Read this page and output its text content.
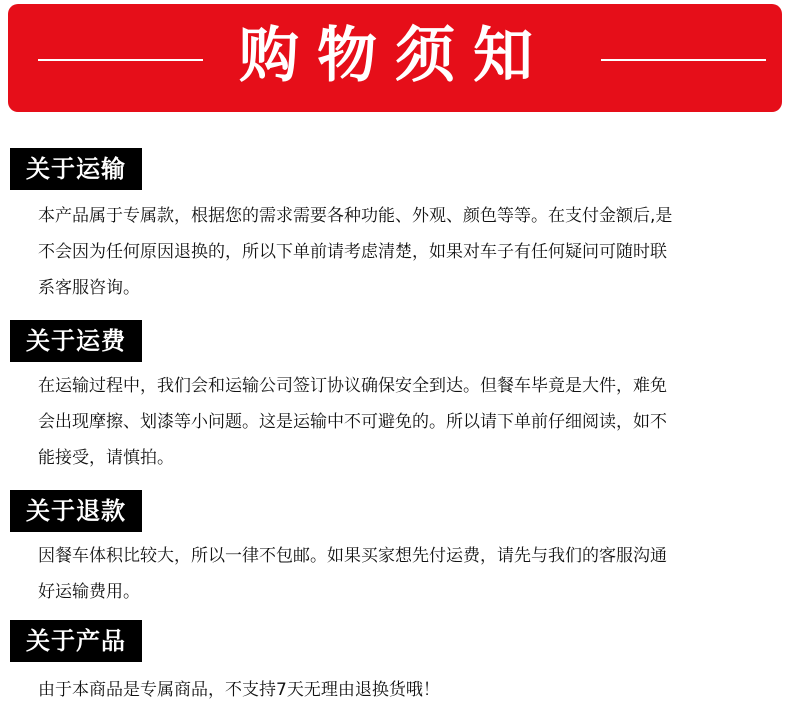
购物须知
关于运输
本产品属于专属款，根据您的需求需要各种功能、外观、颜色等等。在支付金额后,是
不会因为任何原因退换的，所以下单前请考虑清楚，如果对车子有任何疑问可随时联
系客服咨询。
关于运费
在运输过程中，我们会和运输公司签订协议确保安全到达。但餐车毕竟是大件，难免
会出现摩擦、划漆等小问题。这是运输中不可避免的。所以请下单前仔细阅读，如不
能接受，请慎拍。
关于退款
因餐车体积比较大，所以一律不包邮。如果买家想先付运费，请先与我们的客服沟通
好运输费用。
关于产品
由于本商品是专属商品，不支持7天无理由退换货哦！
